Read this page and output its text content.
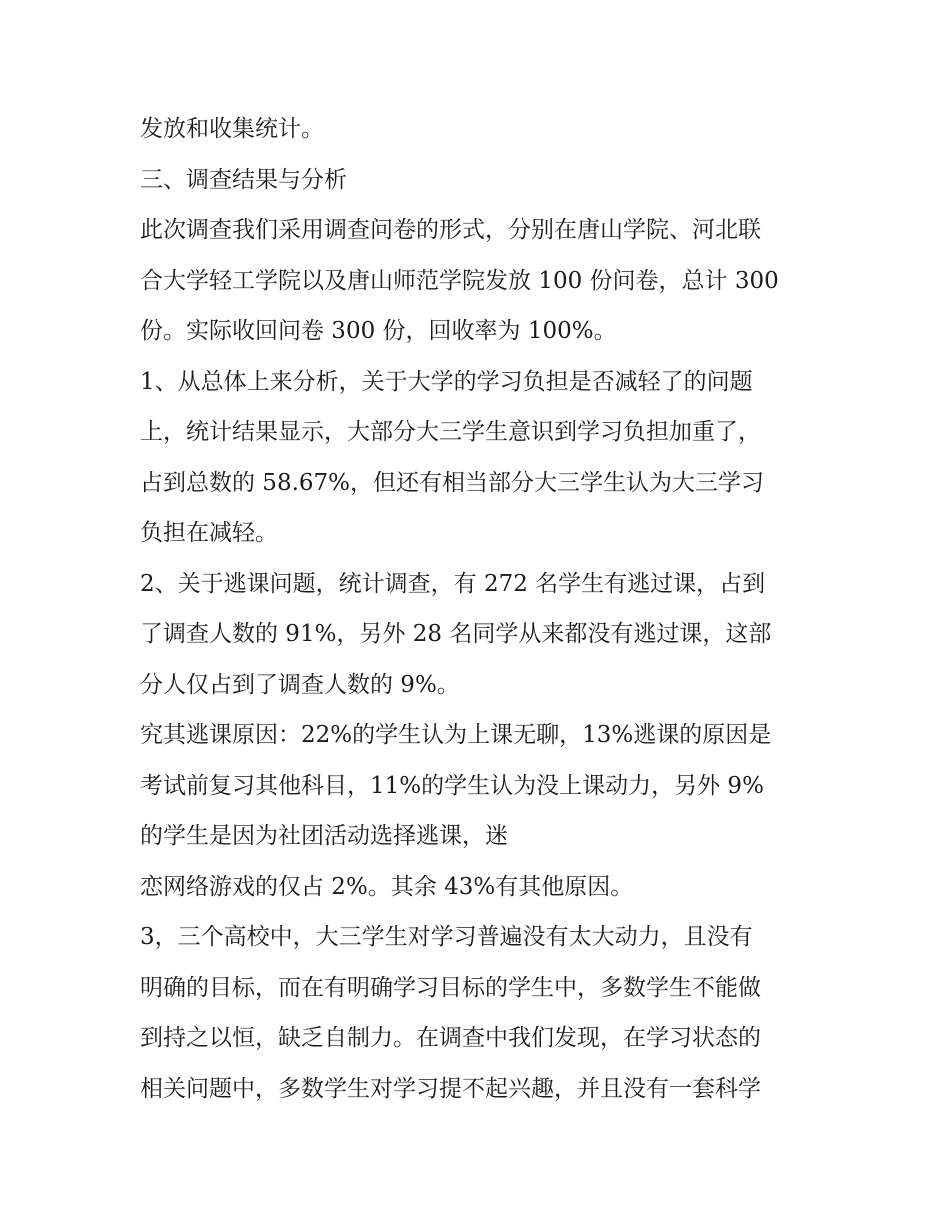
发放和收集统计。
三、调查结果与分析
此次调查我们采用调查问卷的形式，分别在唐山学院、河北联
合大学轻工学院以及唐山师范学院发放 100 份问卷，总计 300
份。实际收回问卷 300 份，回收率为 100%。
1、从总体上来分析，关于大学的学习负担是否减轻了的问题
上，统计结果显示，大部分大三学生意识到学习负担加重了，
占到总数的 58.67%，但还有相当部分大三学生认为大三学习
负担在减轻。
2、关于逃课问题，统计调查，有 272 名学生有逃过课，占到
了调查人数的 91%，另外 28 名同学从来都没有逃过课，这部
分人仅占到了调查人数的 9%。
究其逃课原因：22%的学生认为上课无聊，13%逃课的原因是
考试前复习其他科目，11%的学生认为没上课动力，另外 9%
的学生是因为社团活动选择逃课，迷
恋网络游戏的仅占 2%。其余 43%有其他原因。
3，三个高校中，大三学生对学习普遍没有太大动力，且没有
明确的目标，而在有明确学习目标的学生中，多数学生不能做
到持之以恒，缺乏自制力。在调查中我们发现，在学习状态的
相关问题中，多数学生对学习提不起兴趣，并且没有一套科学
